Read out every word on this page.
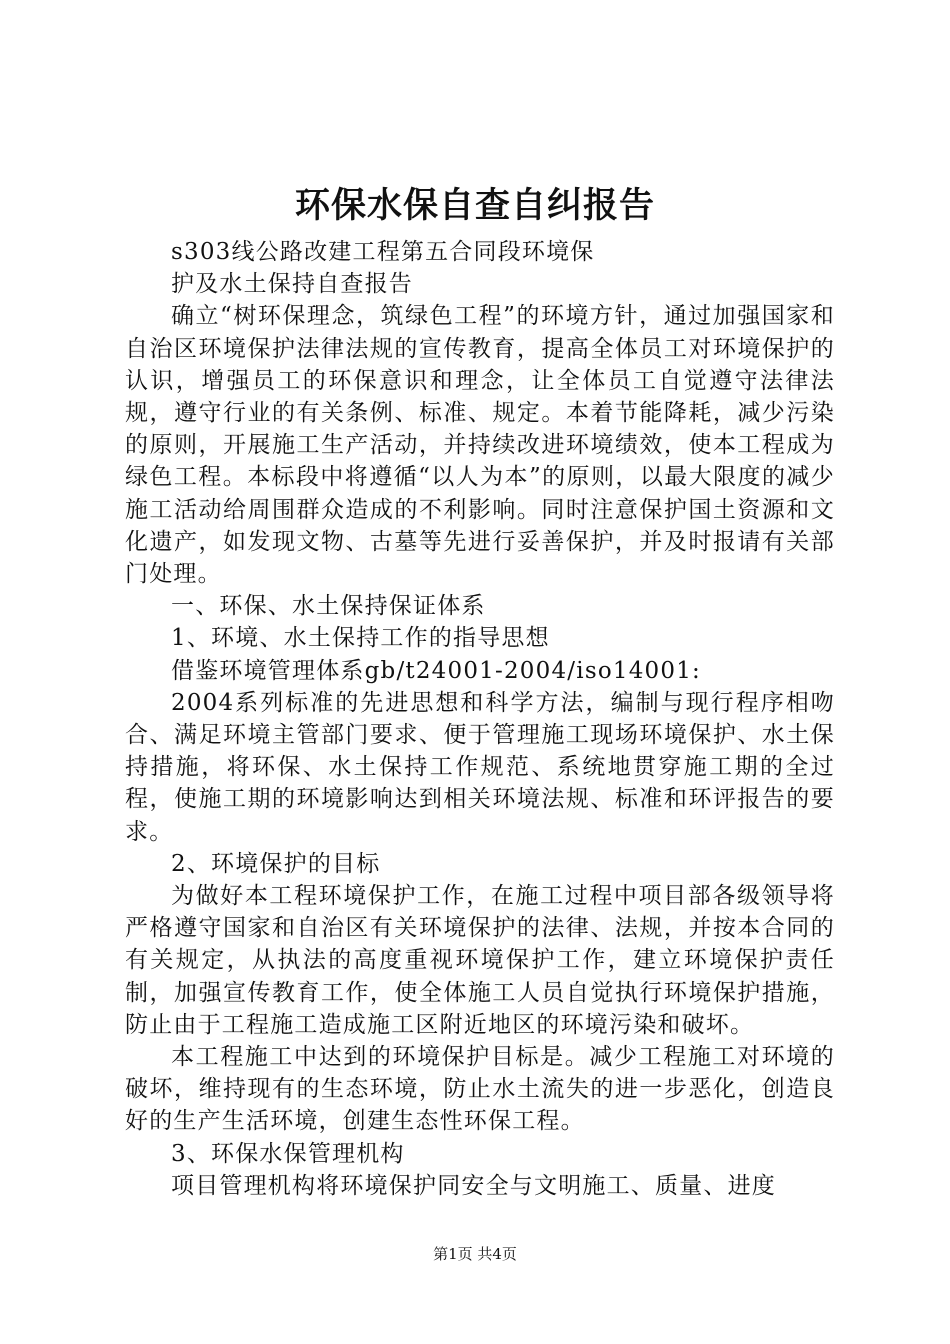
环保水保自查自纠报告

s303线公路改建工程第五合同段环境保

护及水土保持自查报告

确立“树环保理念，筑绿色工程”的环境方针，通过加强国家和自治区环境保护法律法规的宣传教育，提高全体员工对环境保护的认识，增强员工的环保意识和理念，让全体员工自觉遵守法律法规，遵守行业的有关条例、标准、规定。本着节能降耗，减少污染的原则，开展施工生产活动，并持续改进环境绩效，使本工程成为绿色工程。本标段中将遵循“以人为本”的原则，以最大限度的减少施工活动给周围群众造成的不利影响。同时注意保护国土资源和文化遗产，如发现文物、古墓等先进行妥善保护，并及时报请有关部门处理。

一、环保、水土保持保证体系

1、环境、水土保持工作的指导思想

借鉴环境管理体系gb/t24001-2004/iso14001:

2004系列标准的先进思想和科学方法，编制与现行程序相吻合、满足环境主管部门要求、便于管理施工现场环境保护、水土保持措施，将环保、水土保持工作规范、系统地贯穿施工期的全过程，使施工期的环境影响达到相关环境法规、标准和环评报告的要求。

2、环境保护的目标

为做好本工程环境保护工作，在施工过程中项目部各级领导将严格遵守国家和自治区有关环境保护的法律、法规，并按本合同的有关规定，从执法的高度重视环境保护工作，建立环境保护责任制，加强宣传教育工作，使全体施工人员自觉执行环境保护措施，防止由于工程施工造成施工区附近地区的环境污染和破坏。

本工程施工中达到的环境保护目标是。减少工程施工对环境的破坏，维持现有的生态环境，防止水土流失的进一步恶化，创造良好的生产生活环境，创建生态性环保工程。

3、环保水保管理机构

项目管理机构将环境保护同安全与文明施工、质量、进度

第1页 共4页
